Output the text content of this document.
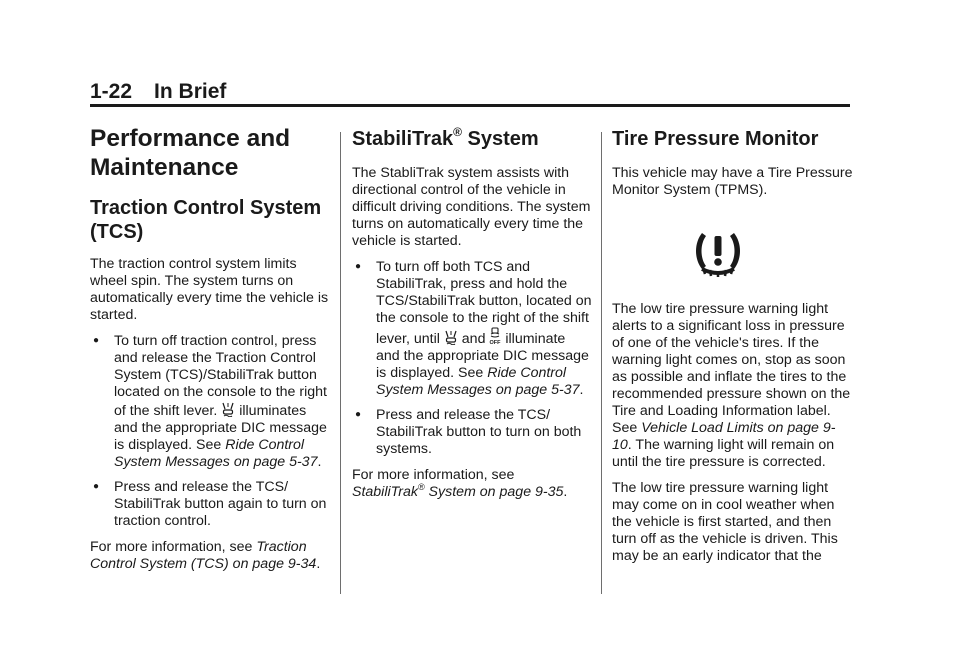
1-22 In Brief
Performance and Maintenance
Traction Control System (TCS)

The traction control system limits wheel spin. The system turns on automatically every time the vehicle is started.

● To turn off traction control, press and release the Traction Control System (TCS)/StabiliTrak button located on the console to the right of the shift lever. illuminates and the appropriate DIC message is displayed. See Ride Control System Messages on page 5-37.
● Press and release the TCS/ StabiliTrak button again to turn on traction control.

For more information, see Traction Control System (TCS) on page 9-34.

StabiliTrak® System

The StabliTrak system assists with directional control of the vehicle in difficult driving conditions. The system turns on automatically every time the vehicle is started.

● To turn off both TCS and StabiliTrak, press and hold the TCS/StabiliTrak button, located on the console to the right of the shift lever, until and OFF illuminate and the appropriate DIC message is displayed. See Ride Control System Messages on page 5-37.
● Press and release the TCS/ StabiliTrak button to turn on both systems.

For more information, see
StabiliTrak® System on page 9-35.

Tire Pressure Monitor

This vehicle may have a Tire Pressure Monitor System (TPMS).

The low tire pressure warning light alerts to a significant loss in pressure of one of the vehicle's tires. If the warning light comes on, stop as soon as possible and inflate the tires to the recommended pressure shown on the Tire and Loading Information label. See Vehicle Load Limits on page 9-10. The warning light will remain on until the tire pressure is corrected.

The low tire pressure warning light may come on in cool weather when the vehicle is first started, and then turn off as the vehicle is driven. This may be an early indicator that the
